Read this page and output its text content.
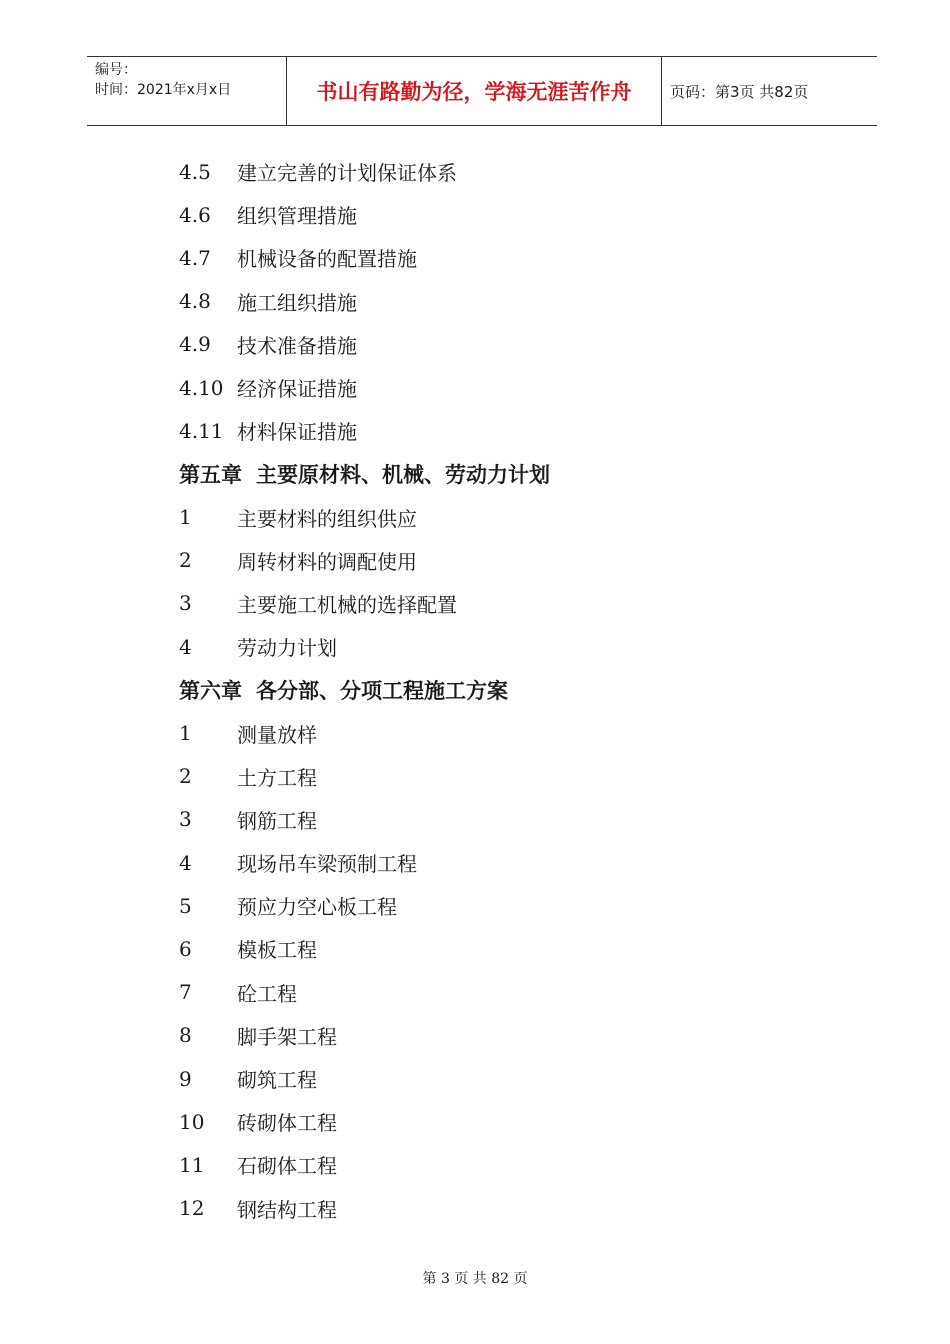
编号：
时间：2021年x月x日	书山有路勤为径，学海无涯苦作舟	页码：第3页 共82页
4.5	建立完善的计划保证体系
4.6	组织管理措施
4.7	机械设备的配置措施
4.8	施工组织措施
4.9	技术准备措施
4.10 经济保证措施
4.11 材料保证措施
第五章 主要原材料、机械、劳动力计划
1	主要材料的组织供应
2	周转材料的调配使用
3	主要施工机械的选择配置
4	劳动力计划
第六章 各分部、分项工程施工方案
1	测量放样
2	土方工程
3	钢筋工程
4	现场吊车梁预制工程
5	预应力空心板工程
6	模板工程
7	砼工程
8	脚手架工程
9	砌筑工程
10	砖砌体工程
11	石砌体工程
12	钢结构工程
第 3 页 共 82 页
